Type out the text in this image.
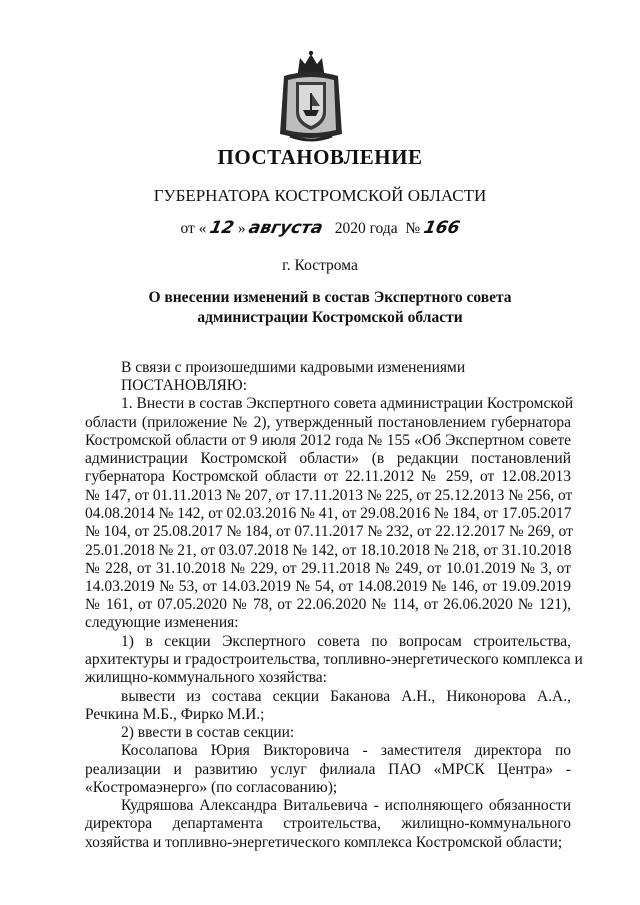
ПОСТАНОВЛЕНИЕ
ГУБЕРНАТОРА КОСТРОМСКОЙ ОБЛАСТИ
от « 12 » августа 2020 года № 166
г. Кострома
О внесении изменений в состав Экспертного совета
администрации Костромской области
В связи с произошедшими кадровыми изменениями
ПОСТАНОВЛЯЮ:
1. Внести в состав Экспертного совета администрации Костромской
области (приложение № 2), утвержденный постановлением губернатора
Костромской области от 9 июля 2012 года № 155 «Об Экспертном совете
администрации Костромской области» (в редакции постановлений
губернатора Костромской области от 22.11.2012 № 259, от 12.08.2013
№ 147, от 01.11.2013 № 207, от 17.11.2013 № 225, от 25.12.2013 № 256, от
04.08.2014 № 142, от 02.03.2016 № 41, от 29.08.2016 № 184, от 17.05.2017
№ 104, от 25.08.2017 № 184, от 07.11.2017 № 232, от 22.12.2017 № 269, от
25.01.2018 № 21, от 03.07.2018 № 142, от 18.10.2018 № 218, от 31.10.2018
№ 228, от 31.10.2018 № 229, от 29.11.2018 № 249, от 10.01.2019 № 3, от
14.03.2019 № 53, от 14.03.2019 № 54, от 14.08.2019 № 146, от 19.09.2019
№ 161, от 07.05.2020 № 78, от 22.06.2020 № 114, от 26.06.2020 № 121),
следующие изменения:
1) в секции Экспертного совета по вопросам строительства,
архитектуры и градостроительства, топливно-энергетического комплекса и
жилищно-коммунального хозяйства:
вывести из состава секции Баканова А.Н., Никонорова А.А.,
Речкина М.Б., Фирко М.И.;
2) ввести в состав секции:
Косолапова Юрия Викторовича - заместителя директора по
реализации и развитию услуг филиала ПАО «МРСК Центра» -
«Костромаэнерго» (по согласованию);
Кудряшова Александра Витальевича - исполняющего обязанности
директора департамента строительства, жилищно-коммунального
хозяйства и топливно-энергетического комплекса Костромской области;
